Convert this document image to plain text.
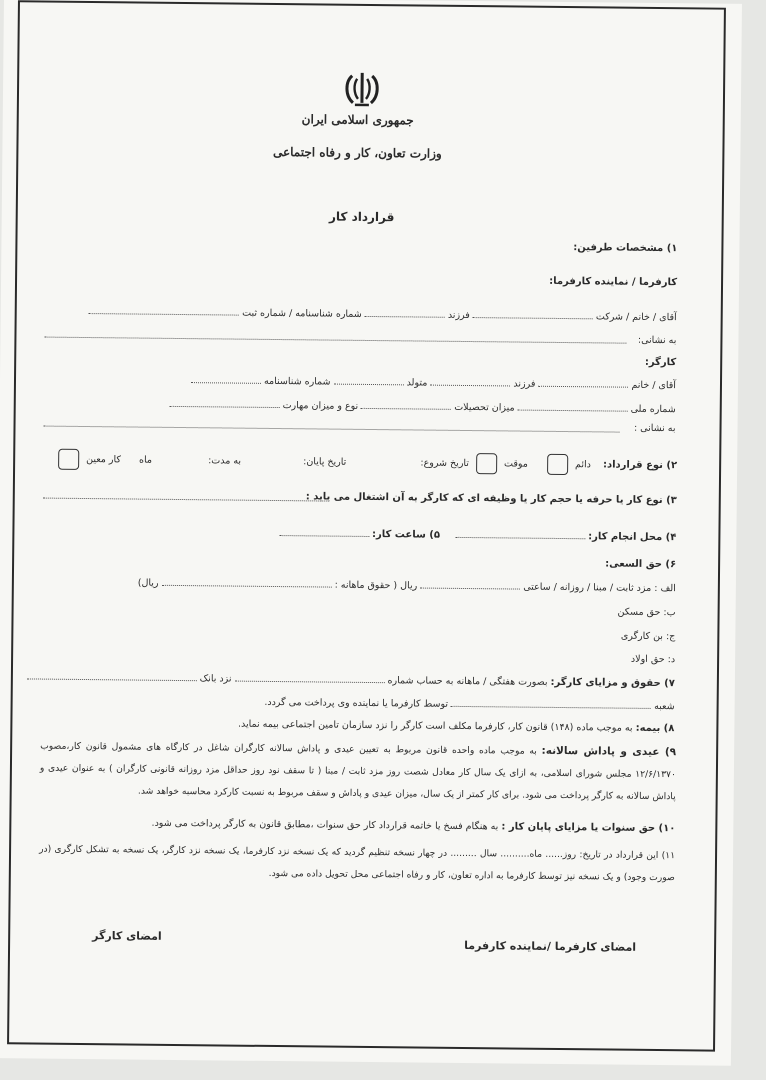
جمهوری اسلامی ایران
وزارت تعاون، کار و رفاه اجتماعی
قرارداد کار
۱) مشخصات طرفین:
کارفرما / نماینده کارفرما:
آقای / خانم / شرکت  فرزند  شماره شناسنامه / شماره ثبت
به نشانی:
کارگر:
آقای / خانم  فرزند  متولد  شماره شناسنامه
شماره ملی  میزان تحصیلات  نوع و میزان مهارت
به نشانی :
۲) نوع قرارداد:    دائم      موقت  تاریخ شروع:  تاریخ پایان:  به مدت:  ماه      کار معین
۳) نوع کار یا حرفه یا حجم کار یا وظیفه ای که کارگر به آن اشتغال می یابد :
۴) محل انجام کار:      ۵) ساعت کار:
۶) حق السعی:
الف : مزد ثابت / مبنا / روزانه / ساعتی  ریال ( حقوق ماهانه :  ریال)
ب: حق مسکن
ج: بن کارگری
د: حق اولاد
۷) حقوق و مزایای کارگر: بصورت هفتگی / ماهانه به حساب شماره  نزد بانک
شعبه  توسط کارفرما یا نماینده وی پرداخت می گردد.
۸) بیمه: به موجب ماده (۱۴۸) قانون کار، کارفرما مکلف است کارگر را نزد سازمان تامین اجتماعی بیمه نماید.
۹) عیدی و پاداش سالانه: به موجب ماده واحده قانون مربوط به تعیین عیدی و پاداش سالانه کارگران شاغل در کارگاه های مشمول قانون کار،مصوب ۱۲/۶/۱۳۷۰ مجلس شورای اسلامی، به ازای یک سال کار معادل شصت روز مزد ثابت / مبنا ( تا سقف نود روز حداقل مزد روزانه قانونی کارگران ) به عنوان عیدی و پاداش سالانه به کارگر پرداخت می شود. برای کار کمتر از یک سال، میزان عیدی و پاداش و سقف مربوط به نسبت کارکرد محاسبه خواهد شد.
۱۰) حق سنوات یا مزایای پایان کار : به هنگام فسخ یا خاتمه قرارداد کار حق سنوات ،مطابق قانون به کارگر پرداخت می شود.
۱۱) این قرارداد در تاریخ: روز...... ماه.......... سال ......... در چهار نسخه تنظیم گردید که یک نسخه نزد کارفرما، یک نسخه نزد کارگر، یک نسخه به تشکل کارگری (در صورت وجود) و یک نسخه نیز توسط کارفرما به اداره تعاون، کار و رفاه اجتماعی محل تحویل داده می شود.
امضای کارفرما /نماینده کارفرما
امضای کارگر
